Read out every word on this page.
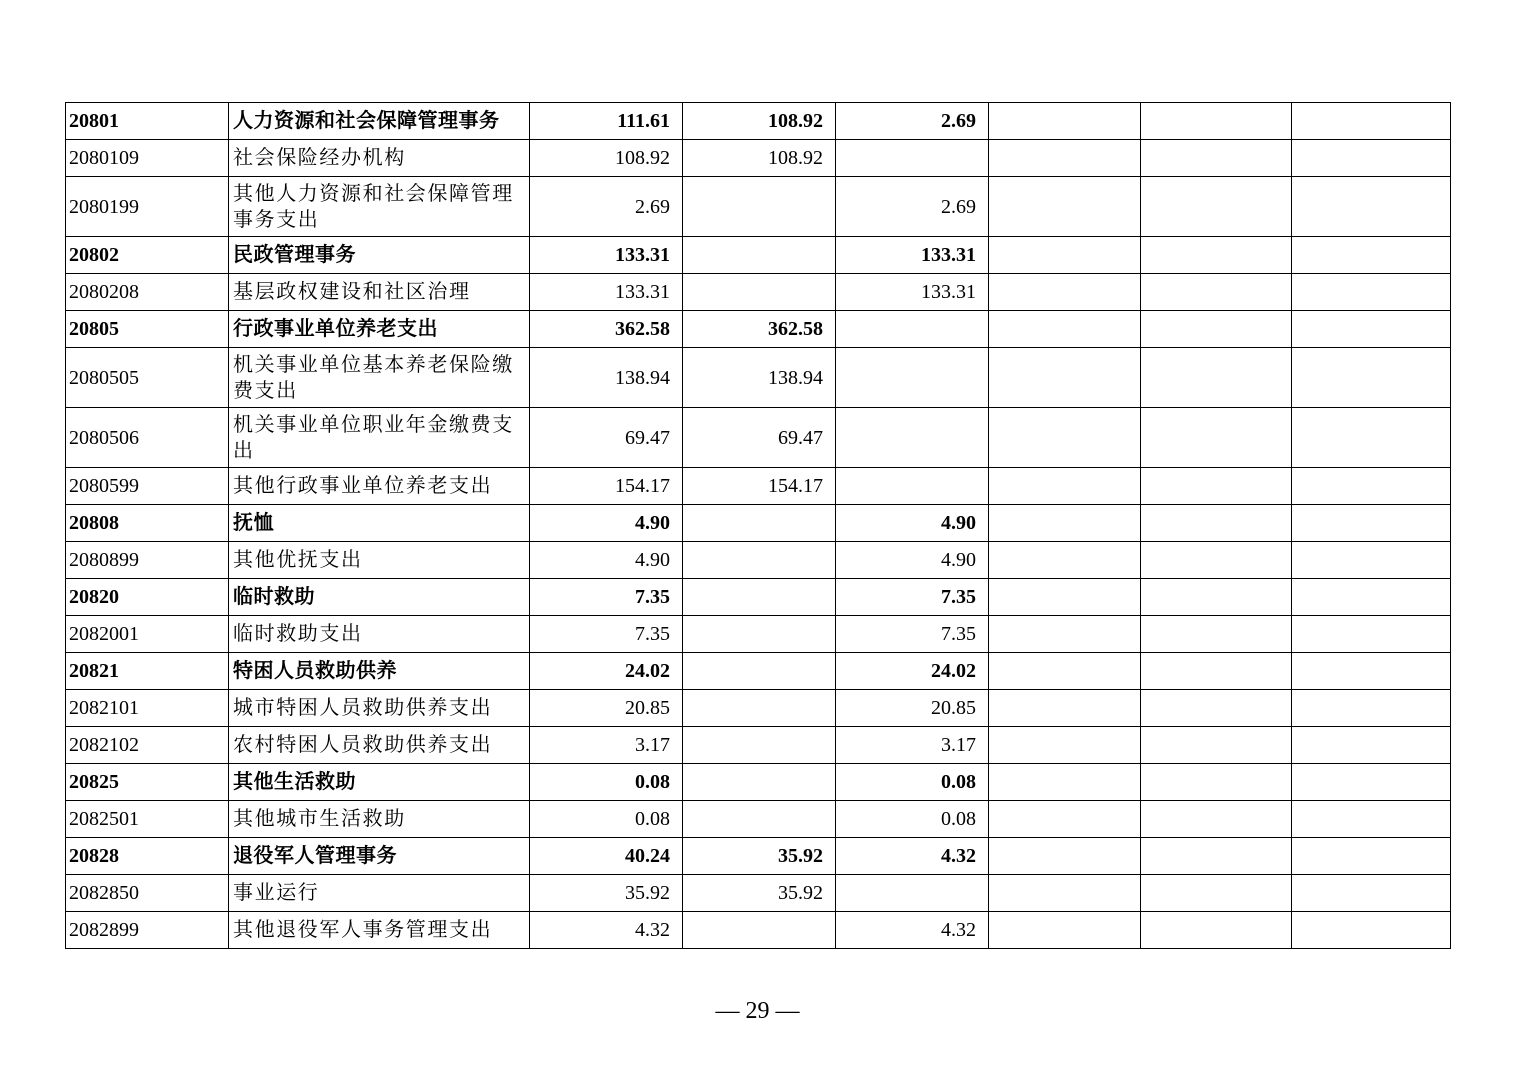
20801	人力资源和社会保障管理事务	111.61	108.92	2.69			
2080109	社会保险经办机构	108.92	108.92				
2080199	其他人力资源和社会保障管理事务支出	2.69		2.69			
20802	民政管理事务	133.31		133.31			
2080208	基层政权建设和社区治理	133.31		133.31			
20805	行政事业单位养老支出	362.58	362.58				
2080505	机关事业单位基本养老保险缴费支出	138.94	138.94				
2080506	机关事业单位职业年金缴费支出	69.47	69.47				
2080599	其他行政事业单位养老支出	154.17	154.17				
20808	抚恤	4.90		4.90			
2080899	其他优抚支出	4.90		4.90			
20820	临时救助	7.35		7.35			
2082001	临时救助支出	7.35		7.35			
20821	特困人员救助供养	24.02		24.02			
2082101	城市特困人员救助供养支出	20.85		20.85			
2082102	农村特困人员救助供养支出	3.17		3.17			
20825	其他生活救助	0.08		0.08			
2082501	其他城市生活救助	0.08		0.08			
20828	退役军人管理事务	40.24	35.92	4.32			
2082850	事业运行	35.92	35.92				
2082899	其他退役军人事务管理支出	4.32		4.32			
— 29 —
